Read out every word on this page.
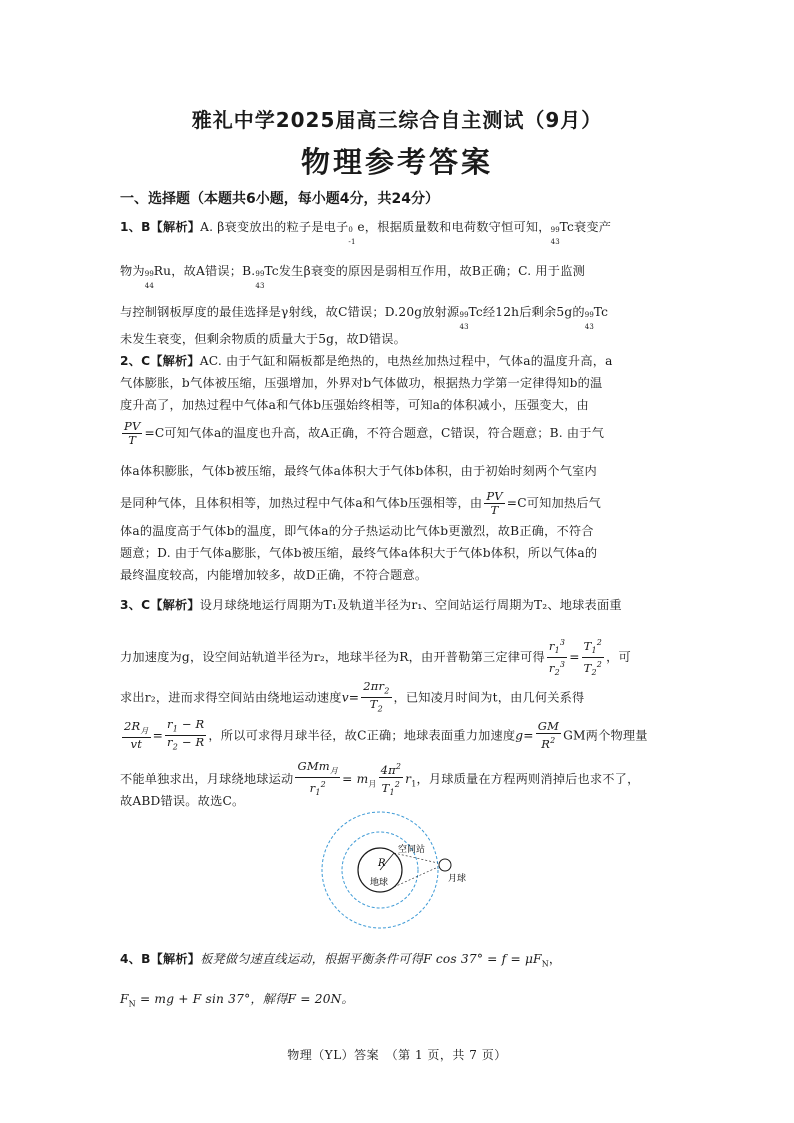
雅礼中学2025届高三综合自主测试（9月）
物理参考答案
一、选择题（本题共6小题，每小题4分，共24分）
1、B【解析】A. β衰变放出的粒子是电子 0
-1
e，根据质量数和电荷数守恒可知， 99
43
Tc衰变产
物为 99
44
Ru，故A错误；B. 99
43
Tc发生β衰变的原因是弱相互作用，故B正确；C. 用于监测
与控制钢板厚度的最佳选择是γ射线，故C错误；D.20g放射源 99
43
Tc经12h后剩余5g的 99
43
Tc
未发生衰变，但剩余物质的质量大于5g，故D错误。
2、C【解析】AC. 由于气缸和隔板都是绝热的，电热丝加热过程中，气体a的温度升高，a
气体膨胀，b气体被压缩，压强增加，外界对b气体做功，根据热力学第一定律得知b的温
度升高了，加热过程中气体a和气体b压强始终相等，可知a的体积减小，压强变大，由
$\frac{PV}{T} =C$可知气体a的温度也升高，故A正确，不符合题意，C错误，符合题意；B. 由于气
体a体积膨胀，气体b被压缩，最终气体a体积大于气体b体积，由于初始时刻两个气室内
是同种气体，且体积相等，加热过程中气体a和气体b压强相等，由 $\frac{PV}{T} =C$可知加热后气
体a的温度高于气体b的温度，即气体a的分子热运动比气体b更激烈，故B正确，不符合
题意；D. 由于气体a膨胀，气体b被压缩，最终气体a体积大于气体b体积，所以气体a的
最终温度较高，内能增加较多，故D正确，不符合题意。
3、C【解析】设月球绕地运行周期为T₁及轨道半径为r₁、空间站运行周期为T₂、地球表面重
力加速度为g，设空间站轨道半径为r₂，地球半径为R，由开普勒第三定律可得 $\frac{r_1^3}{r_2^3} = \frac{T_1^2}{T_2^2}$ ，可
求出r₂，进而求得空间站由绕地运动速度$v= \frac{2\pi r_2}{T_2}$ ，已知凌月时间为t，由几何关系得
$\frac{2R_月}{vt} = \frac{r_1 - R}{r_2 - R}$ ，所以可求得月球半径，故C正确；地球表面重力加速度$g= \frac{GM}{R^2}$ GM两个物理量
不能单独求出，月球绕地球运动 $\frac{GMm_月}{r_1^2} = m_月 \frac{4\pi^2}{T_1^2} r_1$，月球质量在方程两则消掉后也求不了，
故ABD错误。故选C。
R
地球
空间站
月球
4、B【解析】板凳做匀速直线运动，根据平衡条件可得F $\cos 37^\circ = f = \mu F_N$，
$F_N$ = mg + F sin 37°，解得F = 20N。
物理（YL）答案　（第 1 页，共 7 页）
